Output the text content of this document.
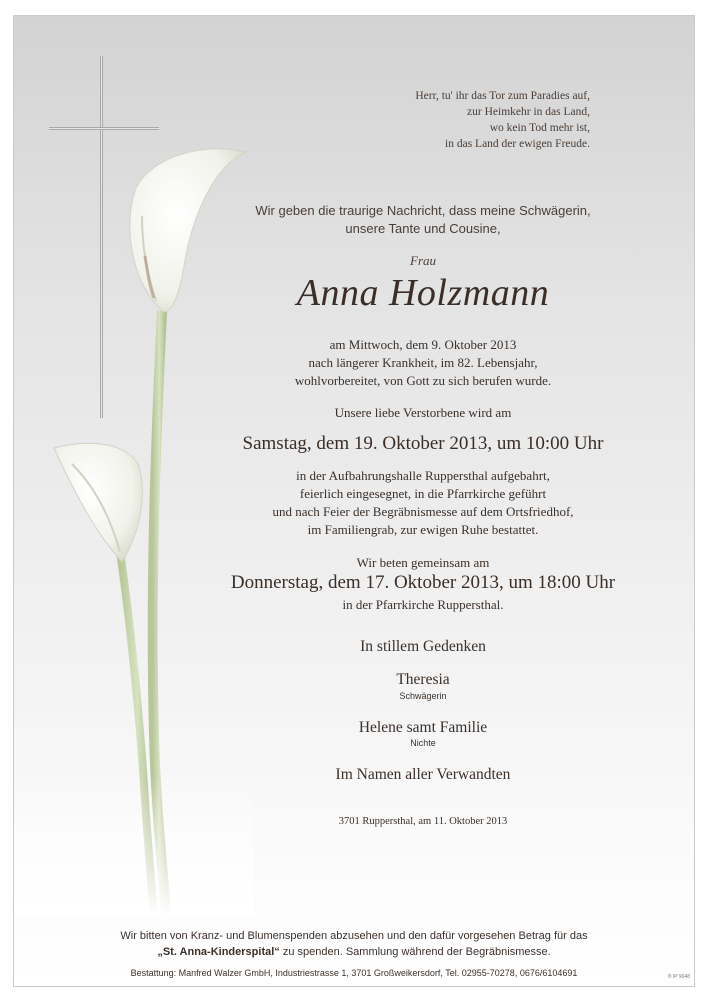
Herr, tu' ihr das Tor zum Paradies auf,
zur Heimkehr in das Land,
wo kein Tod mehr ist,
in das Land der ewigen Freude.
Wir geben die traurige Nachricht, dass meine Schwägerin,
unsere Tante und Cousine,
Frau
Anna Holzmann
am Mittwoch, dem 9. Oktober 2013
nach längerer Krankheit, im 82. Lebensjahr,
wohlvorbereitet, von Gott zu sich berufen wurde.
Unsere liebe Verstorbene wird am
Samstag, dem 19. Oktober 2013, um 10:00 Uhr
in der Aufbahrungshalle Ruppersthal aufgebahrt,
feierlich eingesegnet, in die Pfarrkirche geführt
und nach Feier der Begräbnismesse auf dem Ortsfriedhof,
im Familiengrab, zur ewigen Ruhe bestattet.
Wir beten gemeinsam am
Donnerstag, dem 17. Oktober 2013, um 18:00 Uhr
in der Pfarrkirche Ruppersthal.
In stillem Gedenken
Theresia
Schwägerin
Helene samt Familie
Nichte
Im Namen aller Verwandten
3701 Ruppersthal, am 11. Oktober 2013
Wir bitten von Kranz- und Blumenspenden abzusehen und den dafür vorgesehen Betrag für das
„St. Anna-Kinderspital“ zu spenden. Sammlung während der Begräbnismesse.
Bestattung: Manfred Walzer GmbH, Industriestrasse 1, 3701 Großweikersdorf, Tel. 02955-70278, 0676/6104691	® IP 9048
